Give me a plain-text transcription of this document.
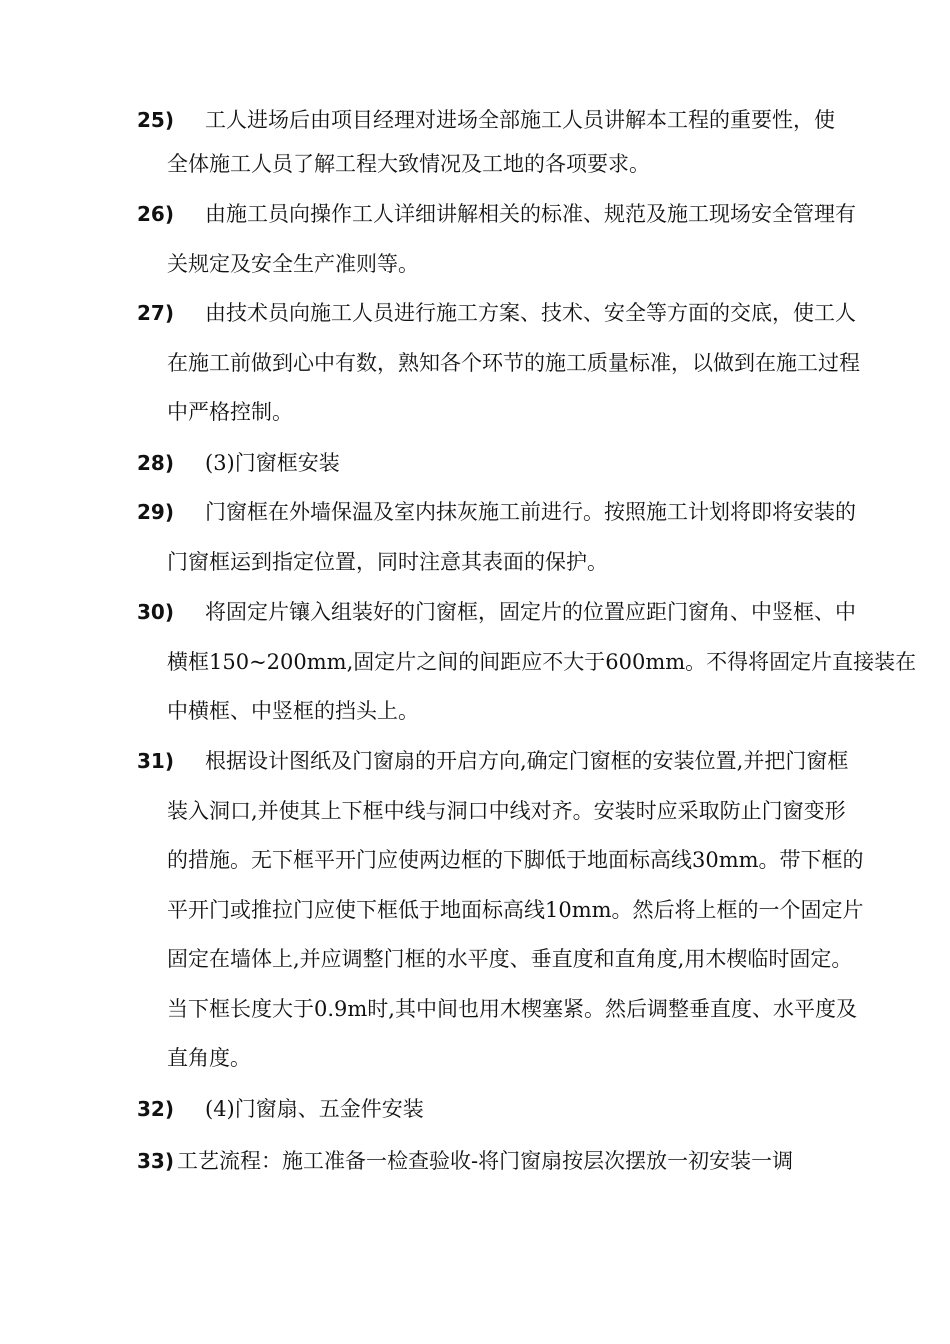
25) 工人进场后由项目经理对进场全部施工人员讲解本工程的重要性，使
全体施工人员了解工程大致情况及工地的各项要求。
26) 由施工员向操作工人详细讲解相关的标准、规范及施工现场安全管理有
关规定及安全生产准则等。
27) 由技术员向施工人员进行施工方案、技术、安全等方面的交底，使工人
在施工前做到心中有数，熟知各个环节的施工质量标准，以做到在施工过程
中严格控制。
28) (3)门窗框安装
29) 门窗框在外墙保温及室内抹灰施工前进行。按照施工计划将即将安装的
门窗框运到指定位置，同时注意其表面的保护。
30) 将固定片镶入组装好的门窗框，固定片的位置应距门窗角、中竖框、中
横框150~200mm,固定片之间的间距应不大于600mm。不得将固定片直接装在
中横框、中竖框的挡头上。
31) 根据设计图纸及门窗扇的开启方向,确定门窗框的安装位置,并把门窗框
装入洞口,并使其上下框中线与洞口中线对齐。安装时应采取防止门窗变形
的措施。无下框平开门应使两边框的下脚低于地面标高线30mm。带下框的
平开门或推拉门应使下框低于地面标高线10mm。然后将上框的一个固定片
固定在墙体上,并应调整门框的水平度、垂直度和直角度,用木楔临时固定。
当下框长度大于0.9m时,其中间也用木楔塞紧。然后调整垂直度、水平度及
直角度。
32) (4)门窗扇、五金件安装
33) 工艺流程：施工准备一检查验收-将门窗扇按层次摆放一初安装一调
